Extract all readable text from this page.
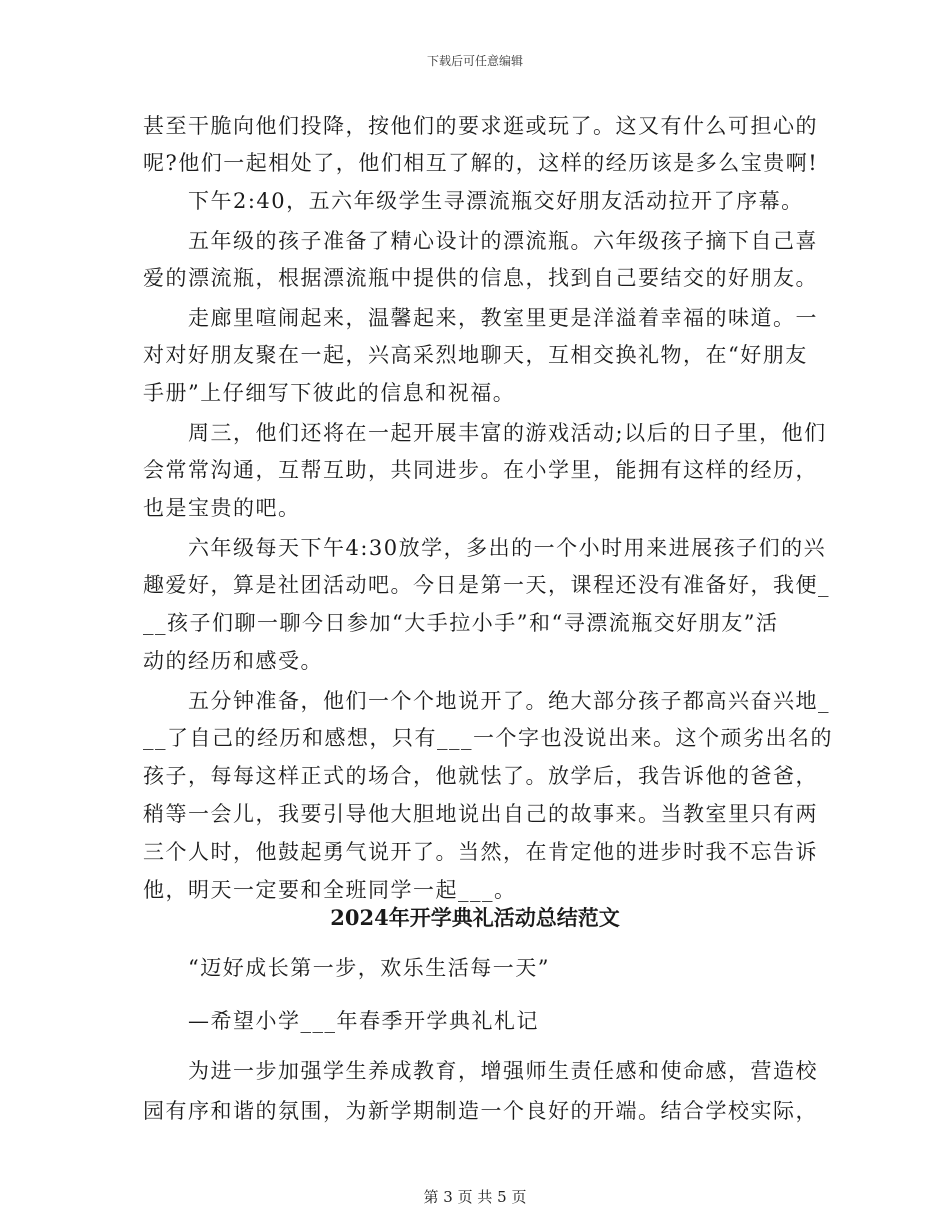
下载后可任意编辑
甚至干脆向他们投降，按他们的要求逛或玩了。这又有什么可担心的
呢?他们一起相处了，他们相互了解的，这样的经历该是多么宝贵啊!
　　下午2:40，五六年级学生寻漂流瓶交好朋友活动拉开了序幕。
　　五年级的孩子准备了精心设计的漂流瓶。六年级孩子摘下自己喜
爱的漂流瓶，根据漂流瓶中提供的信息，找到自己要结交的好朋友。
　　走廊里喧闹起来，温馨起来，教室里更是洋溢着幸福的味道。一
对对好朋友聚在一起，兴高采烈地聊天，互相交换礼物，在“好朋友
手册”上仔细写下彼此的信息和祝福。
　　周三，他们还将在一起开展丰富的游戏活动;以后的日子里，他们
会常常沟通，互帮互助，共同进步。在小学里，能拥有这样的经历，
也是宝贵的吧。
　　六年级每天下午4:30放学，多出的一个小时用来进展孩子们的兴
趣爱好，算是社团活动吧。今日是第一天，课程还没有准备好，我便_
__孩子们聊一聊今日参加“大手拉小手”和“寻漂流瓶交好朋友”活
动的经历和感受。
　　五分钟准备，他们一个个地说开了。绝大部分孩子都高兴奋兴地_
__了自己的经历和感想，只有___一个字也没说出来。这个顽劣出名的
孩子，每每这样正式的场合，他就怯了。放学后，我告诉他的爸爸，
稍等一会儿，我要引导他大胆地说出自己的故事来。当教室里只有两
三个人时，他鼓起勇气说开了。当然，在肯定他的进步时我不忘告诉
他，明天一定要和全班同学一起___。
2024年开学典礼活动总结范文
　　“迈好成长第一步，欢乐生活每一天”
　　—希望小学___年春季开学典礼札记
　　为进一步加强学生养成教育，增强师生责任感和使命感，营造校
园有序和谐的氛围，为新学期制造一个良好的开端。结合学校实际，
第 3 页 共 5 页
